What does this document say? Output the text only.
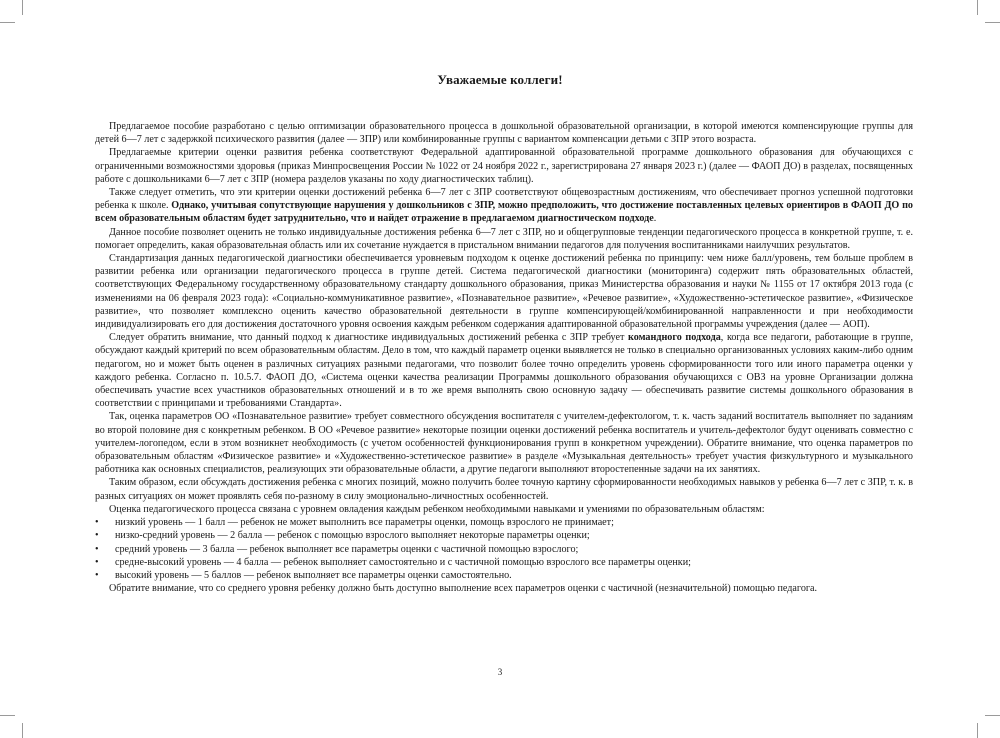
Уважаемые коллеги!

Предлагаемое пособие разработано с целью оптимизации образовательного процесса в дошкольной образовательной организации, в которой имеются компенсирующие группы для детей 6—7 лет с задержкой психического развития (далее — ЗПР) или комбинированные группы с вариантом компенсации детьми с ЗПР этого возраста.

Предлагаемые критерии оценки развития ребенка соответствуют Федеральной адаптированной образовательной программе дошкольного образования для обучающихся с ограниченными возможностями здоровья (приказ Минпросвещения России № 1022 от 24 ноября 2022 г., зарегистрирована 27 января 2023 г.) (далее — ФАОП ДО) в разделах, посвященных работе с дошкольниками 6—7 лет с ЗПР (номера разделов указаны по ходу диагностических таблиц).

Также следует отметить, что эти критерии оценки достижений ребенка 6—7 лет с ЗПР соответствуют общевозрастным достижениям, что обеспечивает прогноз успешной подготовки ребенка к школе. Однако, учитывая сопутствующие нарушения у дошкольников с ЗПР, можно предположить, что достижение поставленных целевых ориентиров в ФАОП ДО по всем образовательным областям будет затруднительно, что и найдет отражение в предлагаемом диагностическом подходе.

Данное пособие позволяет оценить не только индивидуальные достижения ребенка 6—7 лет с ЗПР, но и общегрупповые тенденции педагогического процесса в конкретной группе, т. е. помогает определить, какая образовательная область или их сочетание нуждается в пристальном внимании педагогов для получения воспитанниками наилучших результатов.

Стандартизация данных педагогической диагностики обеспечивается уровневым подходом к оценке достижений ребенка по принципу: чем ниже балл/уровень, тем больше проблем в развитии ребенка или организации педагогического процесса в группе детей. Система педагогической диагностики (мониторинга) содержит пять образовательных областей, соответствующих Федеральному государственному образовательному стандарту дошкольного образования, приказ Министерства образования и науки № 1155 от 17 октября 2013 года (с изменениями на 06 февраля 2023 года): «Социально-коммуникативное развитие», «Познавательное развитие», «Речевое развитие», «Художественно-эстетическое развитие», «Физическое развитие», что позволяет комплексно оценить качество образовательной деятельности в группе компенсирующей/комбинированной направленности и при необходимости индивидуализировать его для достижения достаточного уровня освоения каждым ребенком содержания адаптированной образовательной программы учреждения (далее — АОП).

Следует обратить внимание, что данный подход к диагностике индивидуальных достижений ребенка с ЗПР требует командного подхода, когда все педагоги, работающие в группе, обсуждают каждый критерий по всем образовательным областям. Дело в том, что каждый параметр оценки выявляется не только в специально организованных условиях каким-либо одним педагогом, но и может быть оценен в различных ситуациях разными педагогами, что позволит более точно определить уровень сформированности того или иного параметра оценки у каждого ребенка. Согласно п. 10.5.7. ФАОП ДО, «Система оценки качества реализации Программы дошкольного образования обучающихся с ОВЗ на уровне Организации должна обеспечивать участие всех участников образовательных отношений и в то же время выполнять свою основную задачу — обеспечивать развитие системы дошкольного образования в соответствии с принципами и требованиями Стандарта».

Так, оценка параметров ОО «Познавательное развитие» требует совместного обсуждения воспитателя с учителем-дефектологом, т. к. часть заданий воспитатель выполняет по заданиям во второй половине дня с конкретным ребенком. В ОО «Речевое развитие» некоторые позиции оценки достижений ребенка воспитатель и учитель-дефектолог будут оценивать совместно с учителем-логопедом, если в этом возникнет необходимость (с учетом особенностей функционирования групп в конкретном учреждении). Обратите внимание, что оценка параметров по образовательным областям «Физическое развитие» и «Художественно-эстетическое развитие» в разделе «Музыкальная деятельность» требует участия физкультурного и музыкального работника как основных специалистов, реализующих эти образовательные области, а другие педагоги выполняют второстепенные задачи на их занятиях.

Таким образом, если обсуждать достижения ребенка с многих позиций, можно получить более точную картину сформированности необходимых навыков у ребенка 6—7 лет с ЗПР, т. к. в разных ситуациях он может проявлять себя по-разному в силу эмоционально-личностных особенностей.

Оценка педагогического процесса связана с уровнем овладения каждым ребенком необходимыми навыками и умениями по образовательным областям:

• низкий уровень — 1 балл — ребенок не может выполнить все параметры оценки, помощь взрослого не принимает;
• низко-средний уровень — 2 балла — ребенок с помощью взрослого выполняет некоторые параметры оценки;
• средний уровень — 3 балла — ребенок выполняет все параметры оценки с частичной помощью взрослого;
• средне-высокий уровень — 4 балла — ребенок выполняет самостоятельно и с частичной помощью взрослого все параметры оценки;
• высокий уровень — 5 баллов — ребенок выполняет все параметры оценки самостоятельно.

Обратите внимание, что со среднего уровня ребенку должно быть доступно выполнение всех параметров оценки с частичной (незначительной) помощью педагога.

3
